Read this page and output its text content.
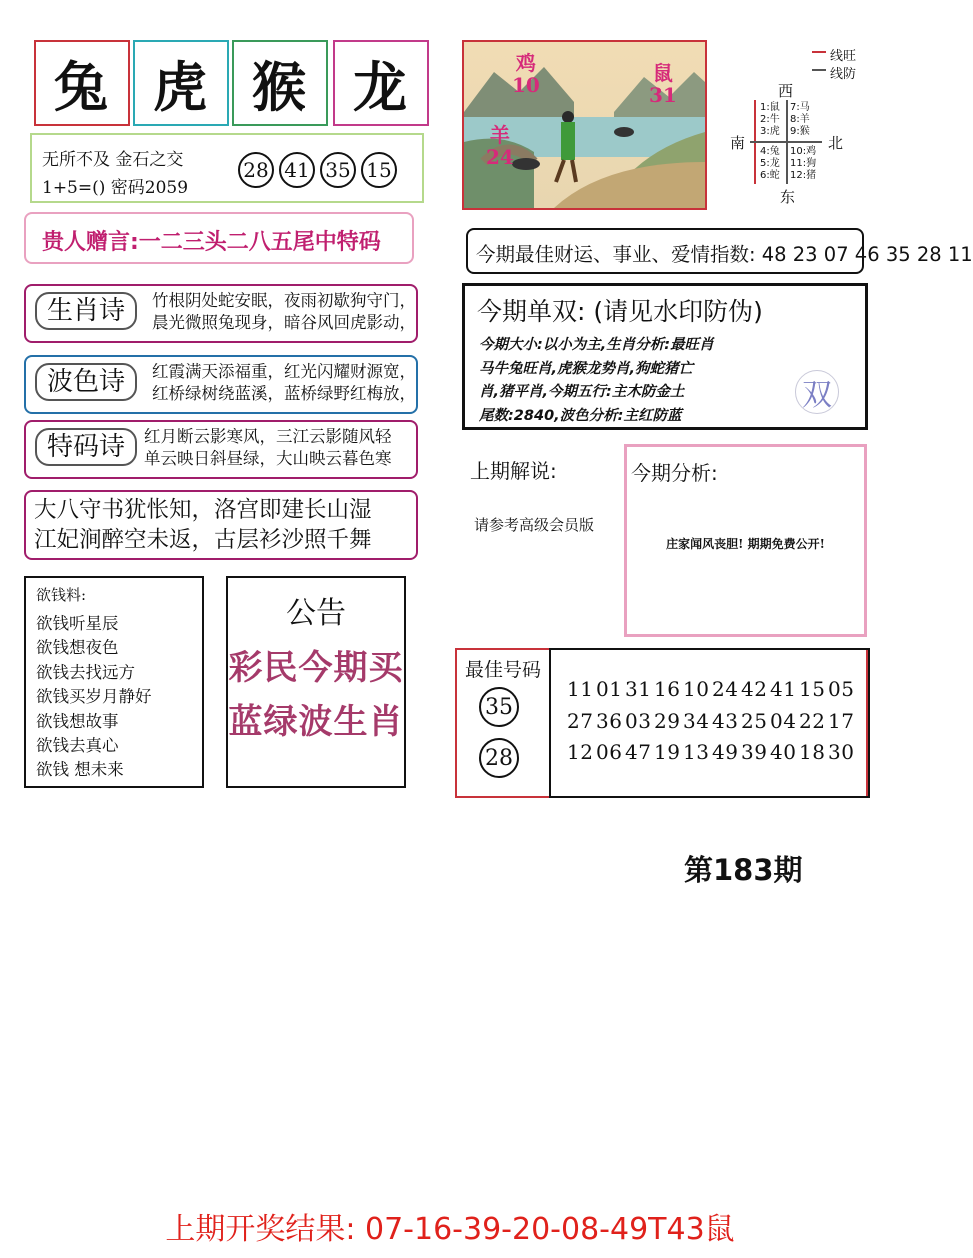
兔 虎 猴 龙
无所不及 金石之交
1+5=() 密码2059
28 41 35 15
贵人赠言:一二三头二八五尾中特码
生肖诗	竹根阴处蛇安眠，夜雨初歇狗守门，
晨光微照兔现身，暗谷风回虎影动，
波色诗	红霞满天添福重，红光闪耀财源宽，
红桥绿树绕蓝溪，蓝桥绿野红梅放，
特码诗	红月断云影寒风，三江云影随风轻
单云映日斜昼绿，大山映云暮色寒
大八守书犹怅知，洛宫即建长山湿
江妃涧醉空未返，古层衫沙照千舞
欲钱料:

欲钱听星辰

欲钱想夜色

欲钱去找远方

欲钱买岁月静好

欲钱想故事

欲钱去真心

欲钱 想未来

公告
彩民今期买
蓝绿波生肖
鸡
10	鼠
31
羊
24
线旺
线防
西
南	北
东
1:鼠
2:牛
3:虎
7:马
8:羊
9:猴
4:兔
5:龙
6:蛇
10:鸡
11:狗
12:猪
今期最佳财运、事业、爱情指数: 48 23 07 46 35 28 11
今期单双: (请见水印防伪)
今期大小:以小为主,生肖分析:最旺肖
马牛兔旺肖,虎猴龙势肖,狗蛇猪亡
肖,猪平肖,今期五行:主木防金土
尾数:2840,波色分析:主红防蓝
双
上期解说:
请参考高级会员版
今期分析:
庄家闻风丧胆! 期期免费公开!
最佳号码
35
28
11 01 31 16 10 24 42 41 15 05
27 36 03 29 34 43 25 04 22 17
12 06 47 19 13 49 39 40 18 30
第183期
上期开奖结果: 07-16-39-20-08-49T43鼠
